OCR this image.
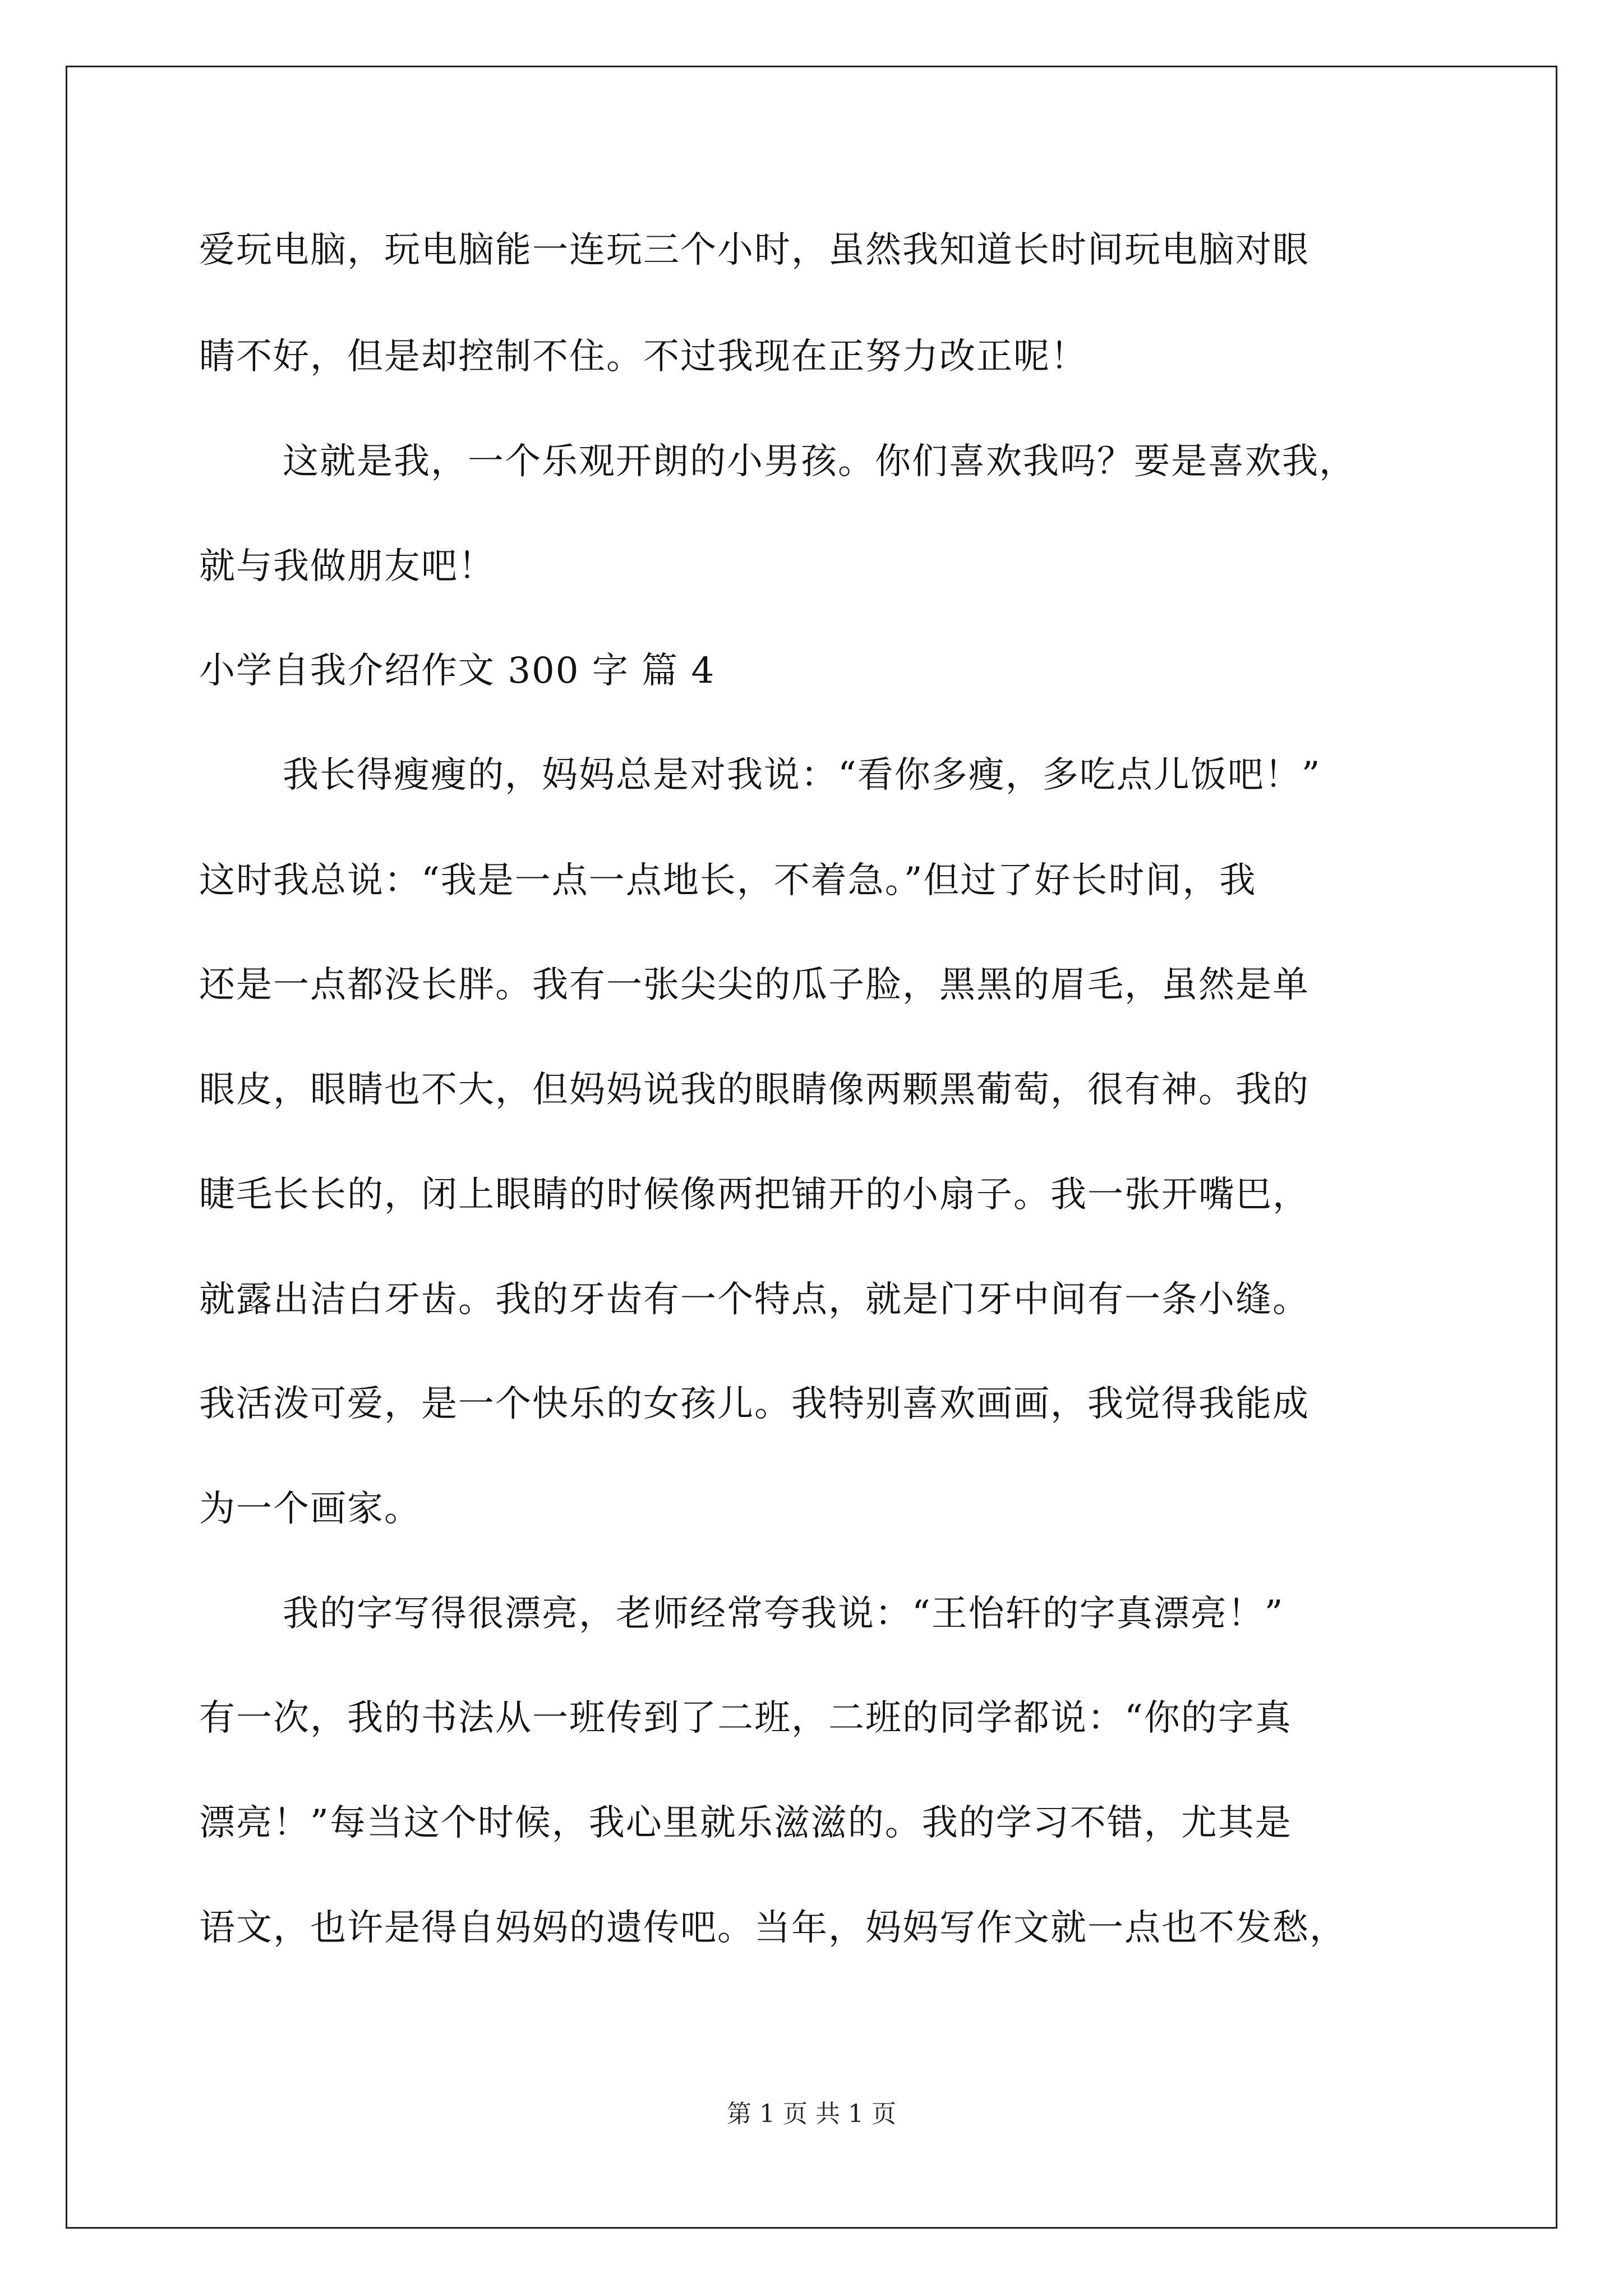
爱玩电脑，玩电脑能一连玩三个小时，虽然我知道长时间玩电脑对眼
睛不好，但是却控制不住。不过我现在正努力改正呢！
这就是我，一个乐观开朗的小男孩。你们喜欢我吗？要是喜欢我，
就与我做朋友吧！
小学自我介绍作文 300 字 篇 4
我长得瘦瘦的，妈妈总是对我说：“看你多瘦，多吃点儿饭吧！”
这时我总说：“我是一点一点地长，不着急。”但过了好长时间，我
还是一点都没长胖。我有一张尖尖的瓜子脸，黑黑的眉毛，虽然是单
眼皮，眼睛也不大，但妈妈说我的眼睛像两颗黑葡萄，很有神。我的
睫毛长长的，闭上眼睛的时候像两把铺开的小扇子。我一张开嘴巴，
就露出洁白牙齿。我的牙齿有一个特点，就是门牙中间有一条小缝。
我活泼可爱，是一个快乐的女孩儿。我特别喜欢画画，我觉得我能成
为一个画家。
我的字写得很漂亮，老师经常夸我说：“王怡轩的字真漂亮！”
有一次，我的书法从一班传到了二班，二班的同学都说：“你的字真
漂亮！”每当这个时候，我心里就乐滋滋的。我的学习不错，尤其是
语文，也许是得自妈妈的遗传吧。当年，妈妈写作文就一点也不发愁，
第 1 页 共 1 页
